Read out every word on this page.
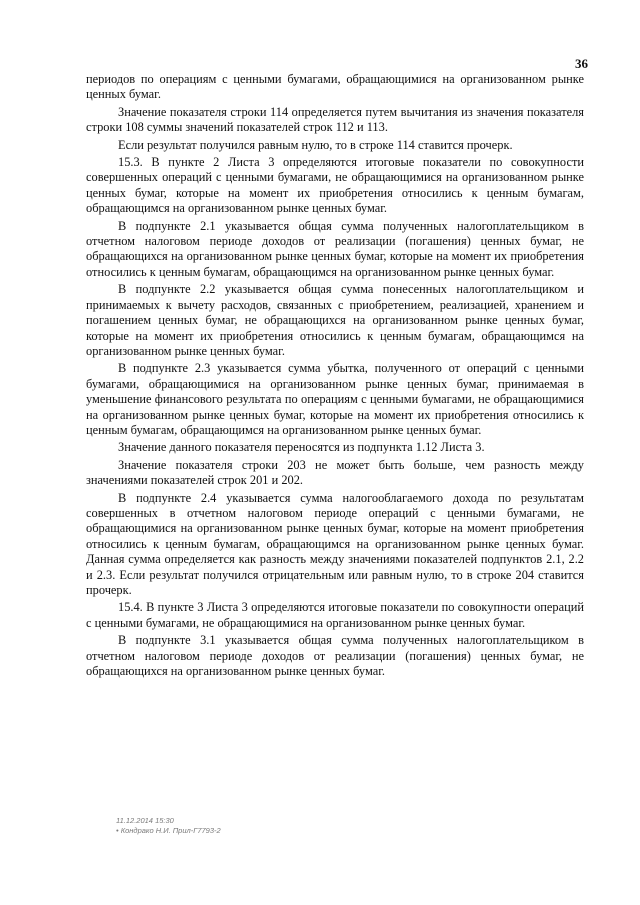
36

периодов по операциям с ценными бумагами, обращающимися на организованном рынке ценных бумаг.

Значение показателя строки 114 определяется путем вычитания из значения показателя строки 108 суммы значений показателей строк 112 и 113.

Если результат получился равным нулю, то в строке 114 ставится прочерк.

15.3. В пункте 2 Листа 3 определяются итоговые показатели по совокупности совершенных операций с ценными бумагами, не обращающимися на организованном рынке ценных бумаг, которые на момент их приобретения относились к ценным бумагам, обращающимся на организованном рынке ценных бумаг.

В подпункте 2.1 указывается общая сумма полученных налогоплательщиком в отчетном налоговом периоде доходов от реализации (погашения) ценных бумаг, не обращающихся на организованном рынке ценных бумаг, которые на момент их приобретения относились к ценным бумагам, обращающимся на организованном рынке ценных бумаг.

В подпункте 2.2 указывается общая сумма понесенных налогоплательщиком и принимаемых к вычету расходов, связанных с приобретением, реализацией, хранением и погашением ценных бумаг, не обращающихся на организованном рынке ценных бумаг, которые на момент их приобретения относились к ценным бумагам, обращающимся на организованном рынке ценных бумаг.

В подпункте 2.3 указывается сумма убытка, полученного от операций с ценными бумагами, обращающимися на организованном рынке ценных бумаг, принимаемая в уменьшение финансового результата по операциям с ценными бумагами, не обращающимися на организованном рынке ценных бумаг, которые на момент их приобретения относились к ценным бумагам, обращающимся на организованном рынке ценных бумаг.

Значение данного показателя переносятся из подпункта 1.12 Листа 3.

Значение показателя строки 203 не может быть больше, чем разность между значениями показателей строк 201 и 202.

В подпункте 2.4 указывается сумма налогооблагаемого дохода по результатам совершенных в отчетном налоговом периоде операций с ценными бумагами, не обращающимися на организованном рынке ценных бумаг, которые на момент приобретения относились к ценным бумагам, обращающимся на организованном рынке ценных бумаг. Данная сумма определяется как разность между значениями показателей подпунктов 2.1, 2.2 и 2.3. Если результат получился отрицательным или равным нулю, то в строке 204 ставится прочерк.

15.4. В пункте 3 Листа 3 определяются итоговые показатели по совокупности операций с ценными бумагами, не обращающимися на организованном рынке ценных бумаг.

В подпункте 3.1 указывается общая сумма полученных налогоплательщиком в отчетном налоговом периоде доходов от реализации (погашения) ценных бумаг, не обращающихся на организованном рынке ценных бумаг.

11.12.2014 15:30
• Кондрако Н.И. Прил-Г7793-2
